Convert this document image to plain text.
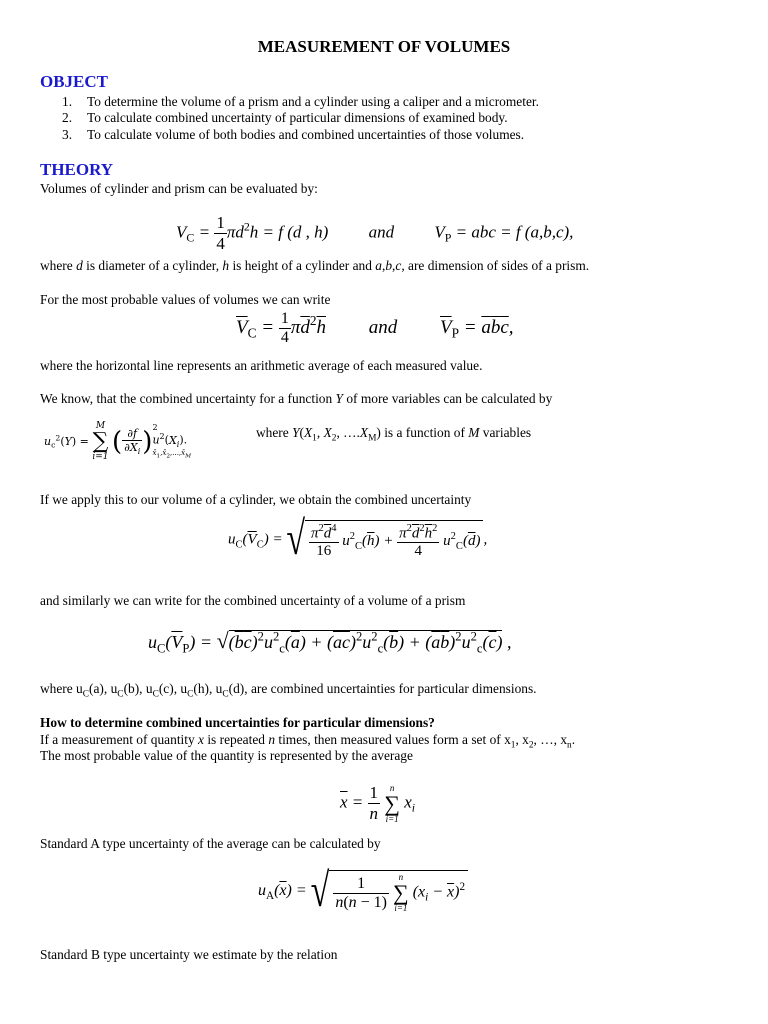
MEASUREMENT OF VOLUMES
OBJECT
1. To determine the volume of a prism and a cylinder using a caliper and a micrometer.
2. To calculate combined uncertainty of particular dimensions of examined body.
3. To calculate volume of both bodies and combined uncertainties of those volumes.
THEORY
Volumes of cylinder and prism can be evaluated by:
$V_C = \frac{1}{4} \pi d^2h = f$ (d , h) and $V_P$ = abc = f (a,b,c),
where d is diameter of a cylinder, h is height of a cylinder and a,b,c, are dimension of sides of a prism.
For the most probable values of volumes we can write
$\overline{V}_C = \frac{1}{4} \pi\overline{d}^2\overline{h}$ and $\overline{V}_P = \overline{a}\overline{b}\overline{c}$,
where the horizontal line represents an arithmetic average of each measured value.
We know, that the combined uncertainty for a function Y of more variables can be calculated by
$u_c^2(Y)$ =
M
∑
i=1 ( $\frac{\partial f}{\partial X_i}$ ) 2
$u^2(X_i)$.
$x̄_1,x̄_2,...,x̄_M$
where $Y(X_1$, $X_2$, $\dots.X_M$) is a function of M variables
If we apply this to our volume of a cylinder, we obtain the combined uncertainty
$u_C(\overline{V}_C)$ = √ $\frac{\pi^2\overline{d}^4}{16} u^2_C(\overline{h}) + \frac{\pi^2\overline{d}^2\overline{h}^2}{4} u^2_C(\overline{d})$,
and similarly we can write for the combined uncertainty of a volume of a prism
$u_C(\overline{V}_P) = √(\overline{b}\overline{c})^2u^2_c(\overline{a}) + (\overline{a}\overline{c})^2u^2_c(\overline{b}) + (\overline{a}\overline{b})^2u^2_c(\overline{c})$ ,
where $u_C(a)$, $u_C(b)$, $u_C(c)$, $u_C(h)$, $u_C(d)$, are combined uncertainties for particular dimensions.
How to determine combined uncertainties for particular dimensions?
If a measurement of quantity x is repeated n times, then measured values form a set of $x_1$, $x_2$, …, $x_n$.
The most probable value of the quantity is represented by the average
$\overline{x} = \frac{1}{n}$
	n
∑
i=1
$x_i$
Standard A type uncertainty of the average can be calculated by
$u_A(\overline{x})$ = √ $\frac{1}{n(n - 1)}$
	n
∑
i=1
$(x_i - \overline{x})^2$
Standard B type uncertainty we estimate by the relation
